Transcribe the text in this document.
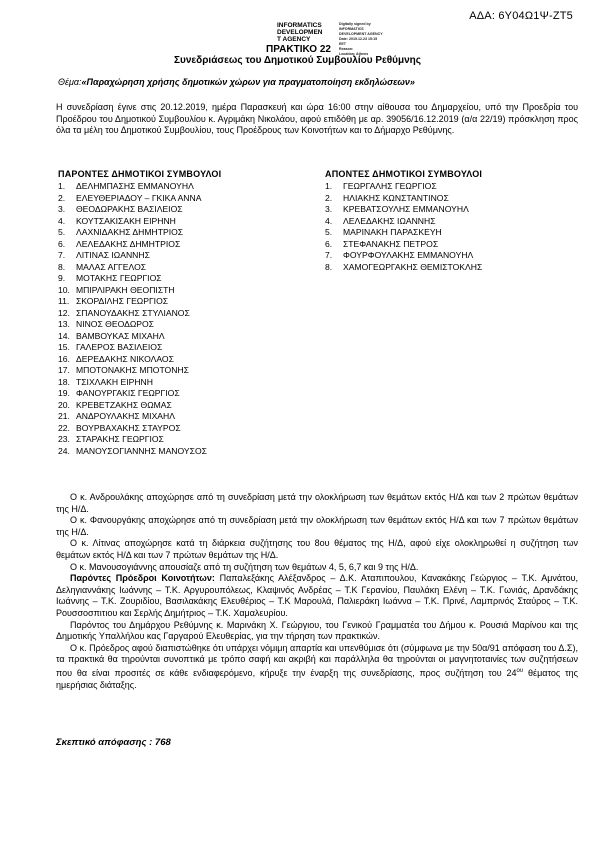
ΑΔΑ: 6Υ04Ω1Ψ-ΖΤ5
INFORMATICS
DEVELOPMEN
T AGENCY
Digitally signed by
INFORMATICS
DEVELOPMENT AGENCY
Date: 2019.12.23 15:15
EET
Reason:
Location: Athens
ΠΡΑΚΤΙΚΟ 22
Συνεδριάσεως του Δημοτικού Συμβουλίου Ρεθύμνης
Θέμα:«Παραχώρηση χρήσης δημοτικών χώρων για πραγματοποίηση εκδηλώσεων»
Η συνεδρίαση έγινε στις 20.12.2019, ημέρα Παρασκευή και ώρα 16:00 στην αίθουσα του Δημαρχείου, υπό την Προεδρία του Προέδρου του Δημοτικού Συμβουλίου κ. Αγριμάκη Νικολάου, αφού επιδόθη με αρ. 39056/16.12.2019 (α/α 22/19) πρόσκληση προς όλα τα μέλη του Δημοτικού Συμβουλίου, τους Προέδρους των Κοινοτήτων και το Δήμαρχο Ρεθύμνης.
ΠΑΡΟΝΤΕΣ ΔΗΜΟΤΙΚΟΙ ΣΥΜΒΟΥΛΟΙ
1. ΔΕΛΗΜΠΑΣΗΣ ΕΜΜΑΝΟΥΗΛ
2. ΕΛΕΥΘΕΡΙΑΔΟΥ – ΓΚΙΚΑ ΑΝΝΑ
3. ΘΕΟΔΩΡΑΚΗΣ ΒΑΣΙΛΕΙΟΣ
4. ΚΟΥΤΣΑΚΙΣΑΚΗ ΕΙΡΗΝΗ
5. ΛΑΧΝΙΔΑΚΗΣ ΔΗΜΗΤΡΙΟΣ
6. ΛΕΛΕΔΑΚΗΣ ΔΗΜΗΤΡΙΟΣ
7. ΛΙΤΙΝΑΣ ΙΩΑΝΝΗΣ
8. ΜΑΛΑΣ ΑΓΓΕΛΟΣ
9. ΜΟΤΑΚΗΣ ΓΕΩΡΓΙΟΣ
10. ΜΠΙΡΛΙΡΑΚΗ ΘΕΟΠΙΣΤΗ
11. ΣΚΟΡΔΙΛΗΣ ΓΕΩΡΓΙΟΣ
12. ΣΠΑΝΟΥΔΑΚΗΣ ΣΤΥΛΙΑΝΟΣ
13. ΝΙΝΟΣ ΘΕΟΔΩΡΟΣ
14. ΒΑΜΒΟΥΚΑΣ ΜΙΧΑΗΛ
15. ΓΑΛΕΡΟΣ ΒΑΣΙΛΕΙΟΣ
16. ΔΕΡΕΔΑΚΗΣ ΝΙΚΟΛΑΟΣ
17. ΜΠΟΤΟΝΑΚΗΣ ΜΠΟΤΟΝΗΣ
18. ΤΣΙΧΛΑΚΗ ΕΙΡΗΝΗ
19. ΦΑΝΟΥΡΓΑΚΙΣ ΓΕΩΡΓΙΟΣ
20. ΚΡΕΒΕΤΖΑΚΗΣ ΘΩΜΑΣ
21. ΑΝΔΡΟΥΛΑΚΗΣ ΜΙΧΑΗΛ
22. ΒΟΥΡΒΑΧΑΚΗΣ ΣΤΑΥΡΟΣ
23. ΣΤΑΡΑΚΗΣ ΓΕΩΡΓΙΟΣ
24. ΜΑΝΟΥΣΟΓΙΑΝΝΗΣ ΜΑΝΟΥΣΟΣ
ΑΠΟΝΤΕΣ ΔΗΜΟΤΙΚΟΙ ΣΥΜΒΟΥΛΟΙ
1. ΓΕΩΡΓΑΛΗΣ ΓΕΩΡΓΙΟΣ
2. ΗΛΙΑΚΗΣ ΚΩΝΣΤΑΝΤΙΝΟΣ
3. ΚΡΕΒΑΤΣΟΥΛΗΣ ΕΜΜΑΝΟΥΗΛ
4. ΛΕΛΕΔΑΚΗΣ ΙΩΑΝΝΗΣ
5. ΜΑΡΙΝΑΚΗ ΠΑΡΑΣΚΕΥΗ
6. ΣΤΕΦΑΝΑΚΗΣ ΠΕΤΡΟΣ
7. ΦΟΥΡΦΟΥΛΑΚΗΣ ΕΜΜΑΝΟΥΗΛ
8. ΧΑΜΟΓΕΩΡΓΑΚΗΣ ΘΕΜΙΣΤΟΚΛΗΣ

Ο κ. Ανδρουλάκης αποχώρησε από τη συνεδρίαση μετά την ολοκλήρωση των θεμάτων εκτός Η/Δ και των 2 πρώτων θεμάτων της Η/Δ.

Ο κ. Φανουργάκης αποχώρησε από τη συνεδρίαση μετά την ολοκλήρωση των θεμάτων εκτός Η/Δ και των 7 πρώτων θεμάτων της Η/Δ.

Ο κ. Λίτινας αποχώρησε κατά τη διάρκεια συζήτησης του 8ου θέματος της Η/Δ, αφού είχε ολοκληρωθεί η συζήτηση των θεμάτων εκτός Η/Δ και των 7 πρώτων θεμάτων της Η/Δ.

Ο κ. Μανουσογιάννης απουσίαζε από τη συζήτηση των θεμάτων 4, 5, 6,7 και 9 της Η/Δ.

Παρόντες Πρόεδροι Κοινοτήτων: Παπαλεξάκης Αλέξανδρος – Δ.Κ. Αταπιπουλου, Κανακάκης Γεώργιος – Τ.Κ. Αμνάτου, Δεληγιαννάκης Ιωάννης – Τ.Κ. Αργυρουπόλεως, Κλαψινός Ανδρέας – Τ.Κ Γερανίου, Παυλάκη Ελένη – Τ.Κ. Γωνιάς, Δρανδάκης Ιωάννης – Τ.Κ. Ζουριδίου, Βασιλακάκης Ελευθέριος – Τ.Κ Μαρουλά, Παλιεράκη Ιωάννα – Τ.Κ. Πρινέ, Λαμπρινός Σταύρος – Τ.Κ. Ρουσσοσπιτιου και Σερλής Δημήτριος – Τ.Κ. Χαμαλευρίου.

Παρόντος του Δημάρχου Ρεθύμνης κ. Μαρινάκη Χ. Γεώργιου, του Γενικού Γραμματέα του Δήμου κ. Ρουσιά Μαρίνου και της Δημοτικής Υπαλλήλου κας Γαργαρού Ελευθερίας, για την τήρηση των πρακτικών.

Ο κ. Πρόεδρος αφού διαπιστώθηκε ότι υπάρχει νόμιμη απαρτία και υπενθύμισε ότι (σύμφωνα με την 50α/91 απόφαση του Δ.Σ), τα πρακτικά θα τηρούνται συνοπτικά με τρόπο σαφή και ακριβή και παράλληλα θα τηρούνται οι μαγνητοταινίες των συζητήσεων που θα είναι προσιτές σε κάθε ενδιαφερόμενο, κήρυξε την έναρξη της συνεδρίασης, προς συζήτηση του $24^{o\upsilon}$ θέματος της ημερήσιας διάταξης.

Σκεπτικό απόφασης : 768
